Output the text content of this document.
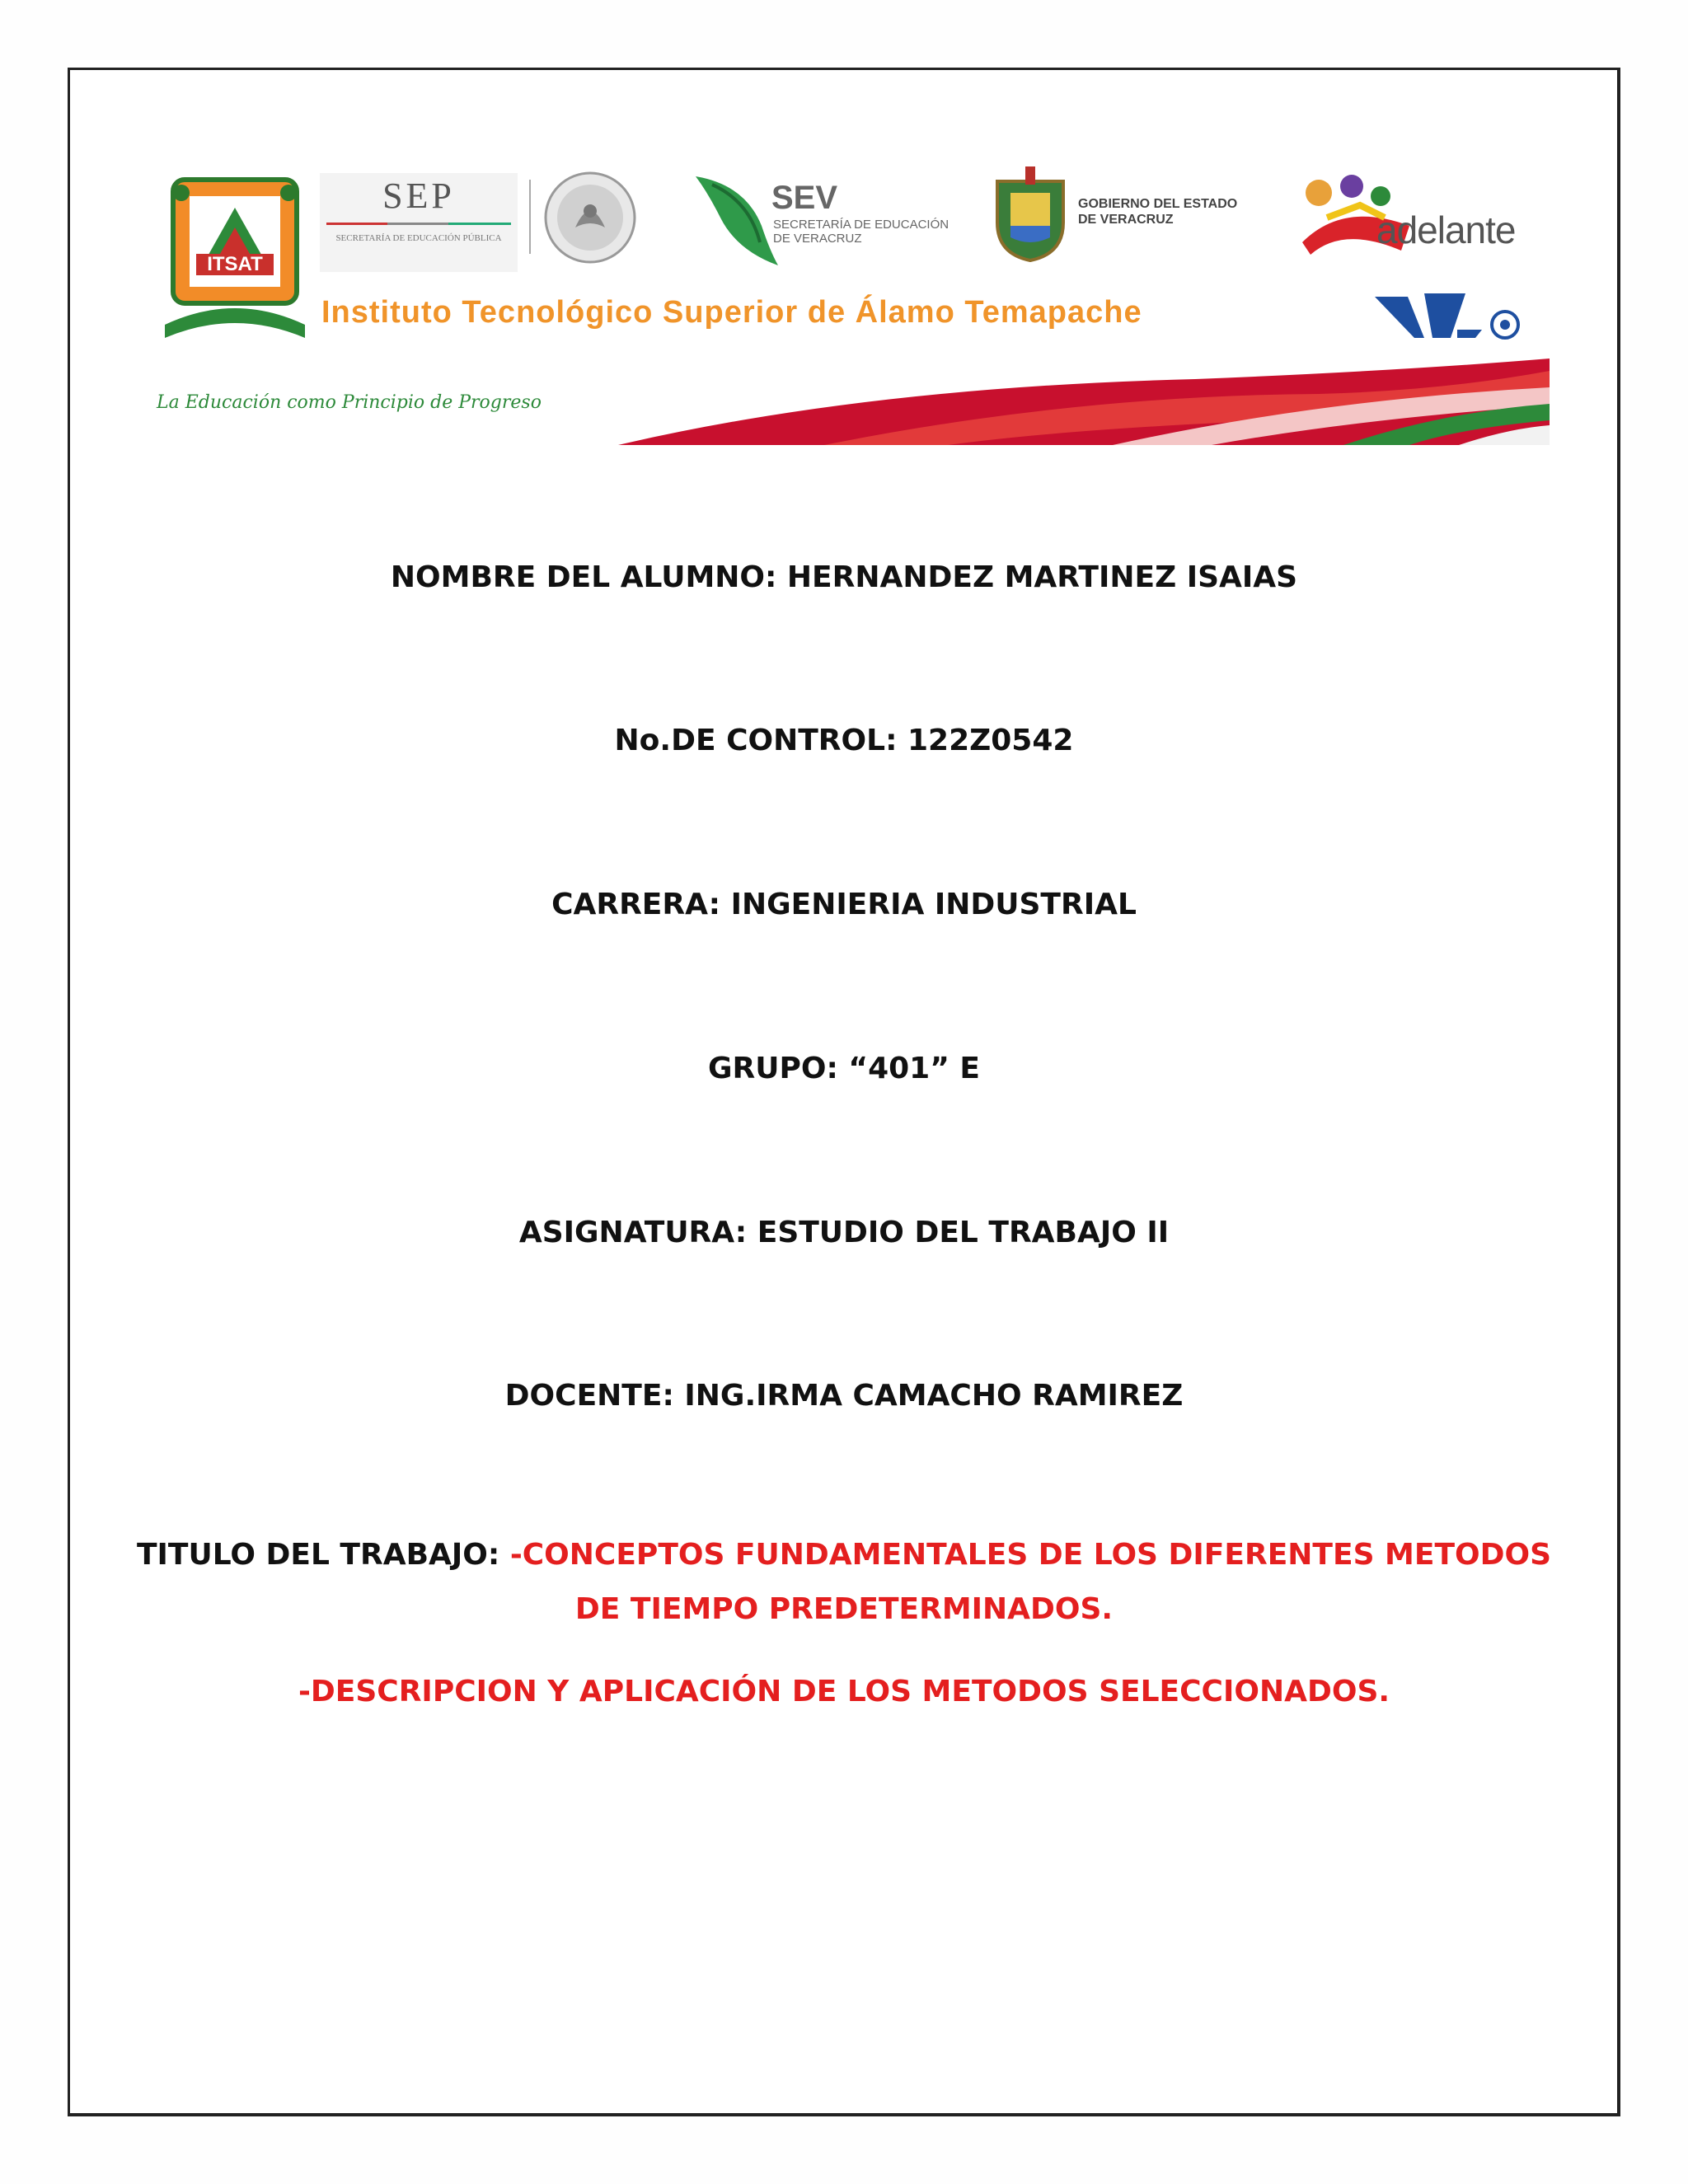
ITSAT
SEP
SECRETARÍA DE EDUCACIÓN PÚBLICA
SEV
SECRETARÍA DE EDUCACIÓN DE VERACRUZ
GOBIERNO DEL ESTADO DE VERACRUZ	adelante
Instituto Tecnológico Superior de Álamo Temapache
La Educación como Principio de Progreso
NOMBRE DEL ALUMNO: HERNANDEZ MARTINEZ ISAIAS
No.DE CONTROL: 122Z0542
CARRERA: INGENIERIA INDUSTRIAL
GRUPO: “401” E
ASIGNATURA: ESTUDIO DEL TRABAJO II
DOCENTE: ING.IRMA CAMACHO RAMIREZ
TITULO DEL TRABAJO: -CONCEPTOS FUNDAMENTALES DE LOS DIFERENTES METODOS
DE TIEMPO PREDETERMINADOS.
-DESCRIPCION Y APLICACIÓN DE LOS METODOS SELECCIONADOS.
